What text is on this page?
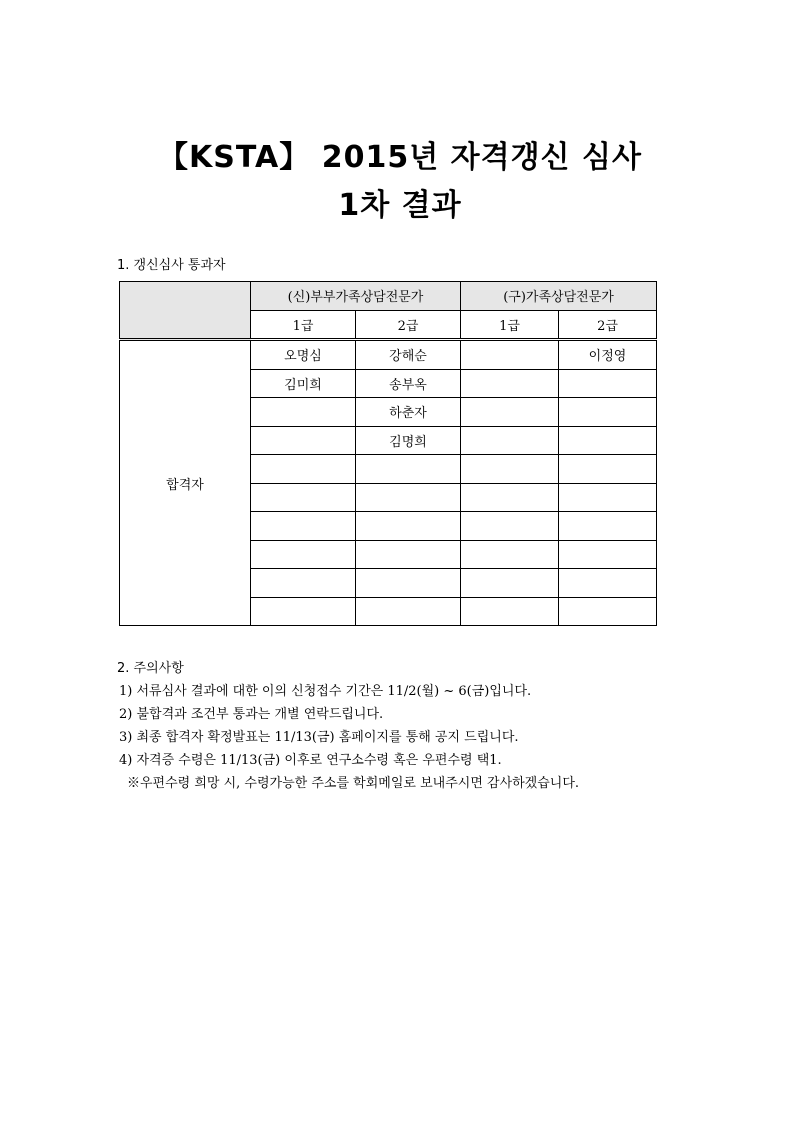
【KSTA】 2015년 자격갱신 심사
1차 결과
1. 갱신심사 통과자
	(신)부부가족상담전문가		(구)가족상담전문가	
	1급	2급	1급	2급
합격자	오명심	강해순		이정영
	김미희	송부옥		
		하춘자		
		김명희		

2. 주의사항
1) 서류심사 결과에 대한 이의 신청접수 기간은 11/2(월) ~ 6(금)입니다.
2) 불합격과 조건부 통과는 개별 연락드립니다.
3) 최종 합격자 확정발표는 11/13(금) 홈페이지를 통해 공지 드립니다.
4) 자격증 수령은 11/13(금) 이후로 연구소수령 혹은 우편수령 택1.
※우편수령 희망 시, 수령가능한 주소를 학회메일로 보내주시면 감사하겠습니다.
